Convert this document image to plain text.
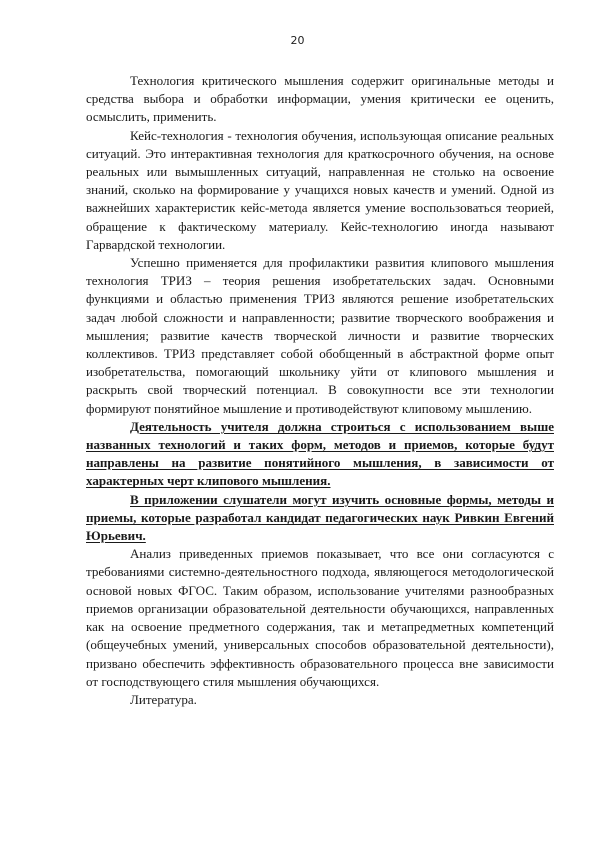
20

Технология критического мышления содержит оригинальные методы и средства выбора и обработки информации, умения критически ее оценить, осмыслить, применить.

Кейс-технология - технология обучения, использующая описание реальных ситуаций. Это интерактивная технология для краткосрочного обучения, на основе реальных или вымышленных ситуаций, направленная не столько на освоение знаний, сколько на формирование у учащихся новых качеств и умений. Одной из важнейших характеристик кейс-метода является умение воспользоваться теорией, обращение к фактическому материалу. Кейс-технологию иногда называют Гарвардской технологии.

Успешно применяется для профилактики развития клипового мышления технология ТРИЗ – теория решения изобретательских задач. Основными функциями и областью применения ТРИЗ являются решение изобретательских задач любой сложности и направленности; развитие творческого воображения и мышления; развитие качеств творческой личности и развитие творческих коллективов. ТРИЗ представляет собой обобщенный в абстрактной форме опыт изобретательства, помогающий школьнику уйти от клипового мышления и раскрыть свой творческий потенциал. В совокупности все эти технологии формируют понятийное мышление и противодействуют клиповому мышлению.

Деятельность учителя должна строиться с использованием выше названных технологий и таких форм, методов и приемов, которые будут направлены на развитие понятийного мышления, в зависимости от характерных черт клипового мышления.

В приложении слушатели могут изучить основные формы, методы и приемы, которые разработал кандидат педагогических наук Ривкин Евгений Юрьевич.

Анализ приведенных приемов показывает, что все они согласуются с требованиями системно-деятельностного подхода, являющегося методологической основой новых ФГОС. Таким образом, использование учителями разнообразных приемов организации образовательной деятельности обучающихся, направленных как на освоение предметного содержания, так и метапредметных компетенций (общеучебных умений, универсальных способов образовательной деятельности), призвано обеспечить эффективность образовательного процесса вне зависимости от господствующего стиля мышления обучающихся.

Литература.
